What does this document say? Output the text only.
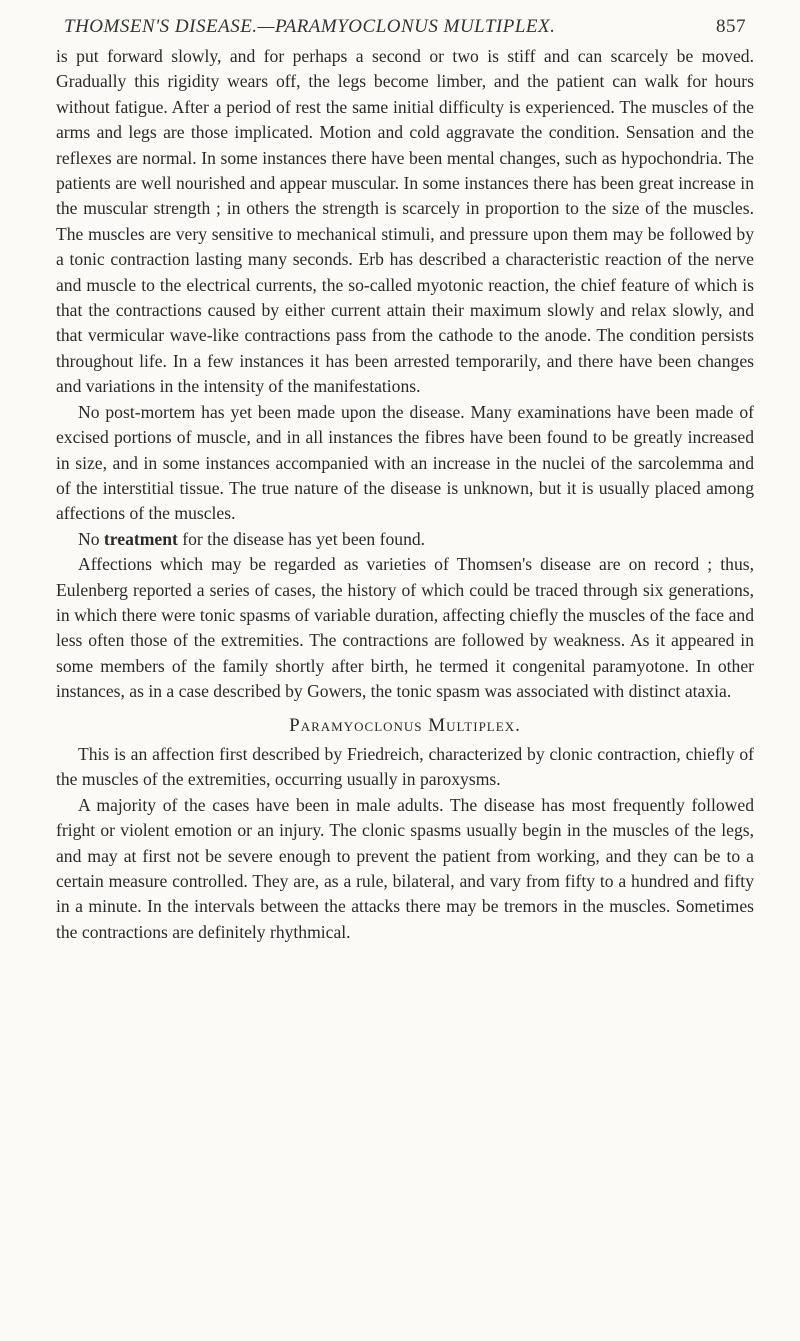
THOMSEN'S DISEASE.—PARAMYOCLONUS MULTIPLEX.	857

is put forward slowly, and for perhaps a second or two is stiff and can scarcely be moved. Gradually this rigidity wears off, the legs become limber, and the patient can walk for hours without fatigue. After a period of rest the same initial difficulty is experienced. The muscles of the arms and legs are those implicated. Motion and cold aggravate the condition. Sensation and the reflexes are normal. In some instances there have been mental changes, such as hypochondria. The patients are well nourished and appear muscular. In some instances there has been great increase in the muscular strength ; in others the strength is scarcely in proportion to the size of the muscles. The muscles are very sensitive to mechanical stimuli, and pressure upon them may be followed by a tonic contraction lasting many seconds. Erb has described a characteristic reaction of the nerve and muscle to the electrical currents, the so-called myotonic reaction, the chief feature of which is that the contractions caused by either current attain their maximum slowly and relax slowly, and that vermicular wave-like contractions pass from the cathode to the anode. The condition persists throughout life. In a few instances it has been arrested temporarily, and there have been changes and variations in the intensity of the manifestations.

No post-mortem has yet been made upon the disease. Many examinations have been made of excised portions of muscle, and in all instances the fibres have been found to be greatly increased in size, and in some instances accompanied with an increase in the nuclei of the sarcolemma and of the interstitial tissue. The true nature of the disease is unknown, but it is usually placed among affections of the muscles.

No treatment for the disease has yet been found.

Affections which may be regarded as varieties of Thomsen's disease are on record ; thus, Eulenberg reported a series of cases, the history of which could be traced through six generations, in which there were tonic spasms of variable duration, affecting chiefly the muscles of the face and less often those of the extremities. The contractions are followed by weakness. As it appeared in some members of the family shortly after birth, he termed it congenital paramyotone. In other instances, as in a case described by Gowers, the tonic spasm was associated with distinct ataxia.

Paramyoclonus Multiplex.

This is an affection first described by Friedreich, characterized by clonic contraction, chiefly of the muscles of the extremities, occurring usually in paroxysms.

A majority of the cases have been in male adults. The disease has most frequently followed fright or violent emotion or an injury. The clonic spasms usually begin in the muscles of the legs, and may at first not be severe enough to prevent the patient from working, and they can be to a certain measure controlled. They are, as a rule, bilateral, and vary from fifty to a hundred and fifty in a minute. In the intervals between the attacks there may be tremors in the muscles. Sometimes the contractions are definitely rhythmical.
